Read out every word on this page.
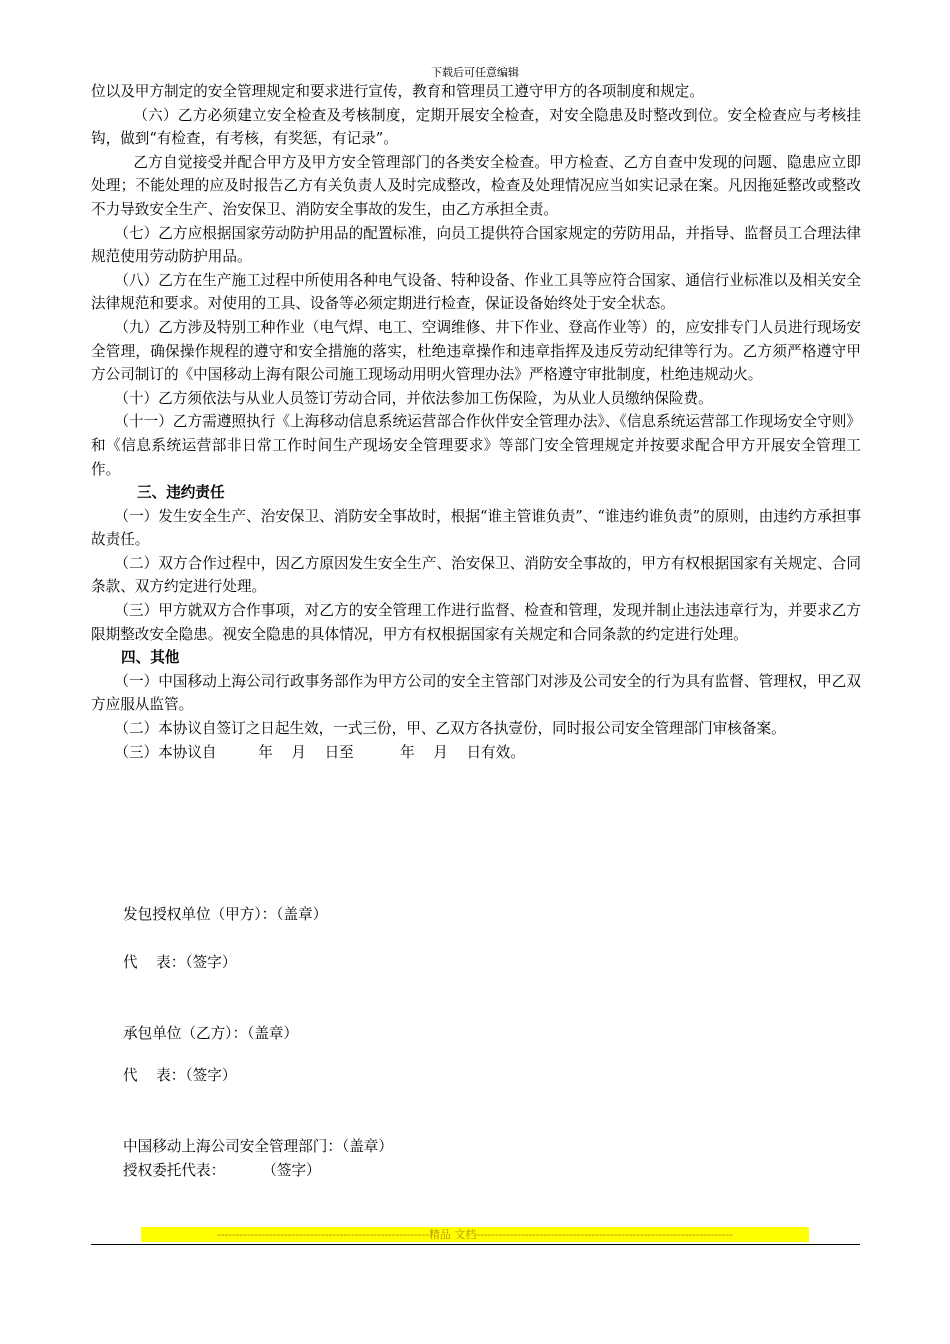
下载后可任意编辑

位以及甲方制定的安全管理规定和要求进行宣传，教育和管理员工遵守甲方的各项制度和规定。

（六）乙方必须建立安全检查及考核制度，定期开展安全检查，对安全隐患及时整改到位。安全检查应与考核挂钩，做到“有检查，有考核，有奖惩，有记录”。

乙方自觉接受并配合甲方及甲方安全管理部门的各类安全检查。甲方检查、乙方自查中发现的问题、隐患应立即处理；不能处理的应及时报告乙方有关负责人及时完成整改，检查及处理情况应当如实记录在案。凡因拖延整改或整改不力导致安全生产、治安保卫、消防安全事故的发生，由乙方承担全责。

（七）乙方应根据国家劳动防护用品的配置标准，向员工提供符合国家规定的劳防用品，并指导、监督员工合理法律规范使用劳动防护用品。

（八）乙方在生产施工过程中所使用各种电气设备、特种设备、作业工具等应符合国家、通信行业标准以及相关安全法律规范和要求。对使用的工具、设备等必须定期进行检查，保证设备始终处于安全状态。

（九）乙方涉及特别工种作业（电气焊、电工、空调维修、井下作业、登高作业等）的，应安排专门人员进行现场安全管理，确保操作规程的遵守和安全措施的落实，杜绝违章操作和违章指挥及违反劳动纪律等行为。乙方须严格遵守甲方公司制订的《中国移动上海有限公司施工现场动用明火管理办法》严格遵守审批制度，杜绝违规动火。

（十）乙方须依法与从业人员签订劳动合同，并依法参加工伤保险，为从业人员缴纳保险费。

（十一）乙方需遵照执行《上海移动信息系统运营部合作伙伴安全管理办法》、《信息系统运营部工作现场安全守则》和《信息系统运营部非日常工作时间生产现场安全管理要求》等部门安全管理规定并按要求配合甲方开展安全管理工作。

三、违约责任

（一）发生安全生产、治安保卫、消防安全事故时，根据“谁主管谁负责”、“谁违约谁负责”的原则，由违约方承担事故责任。

（二）双方合作过程中，因乙方原因发生安全生产、治安保卫、消防安全事故的，甲方有权根据国家有关规定、合同条款、双方约定进行处理。

（三）甲方就双方合作事项，对乙方的安全管理工作进行监督、检查和管理，发现并制止违法违章行为，并要求乙方限期整改安全隐患。视安全隐患的具体情况，甲方有权根据国家有关规定和合同条款的约定进行处理。

四、其他

（一）中国移动上海公司行政事务部作为甲方公司的安全主管部门对涉及公司安全的行为具有监督、管理权，甲乙双方应服从监管。

（二）本协议自签订之日起生效，一式三份，甲、乙双方各执壹份，同时报公司安全管理部门审核备案。

（三）本协议自         年    月    日至          年    月    日有效。

发包授权单位（甲方）：（盖章）
代    表：（签字）
承包单位（乙方）：（盖章）
代    表：（签字）
中国移动上海公司安全管理部门：（盖章）
授权委托代表：        （签字）
---------------------------------------------------------精品 文档---------------------------------------------------------------------
